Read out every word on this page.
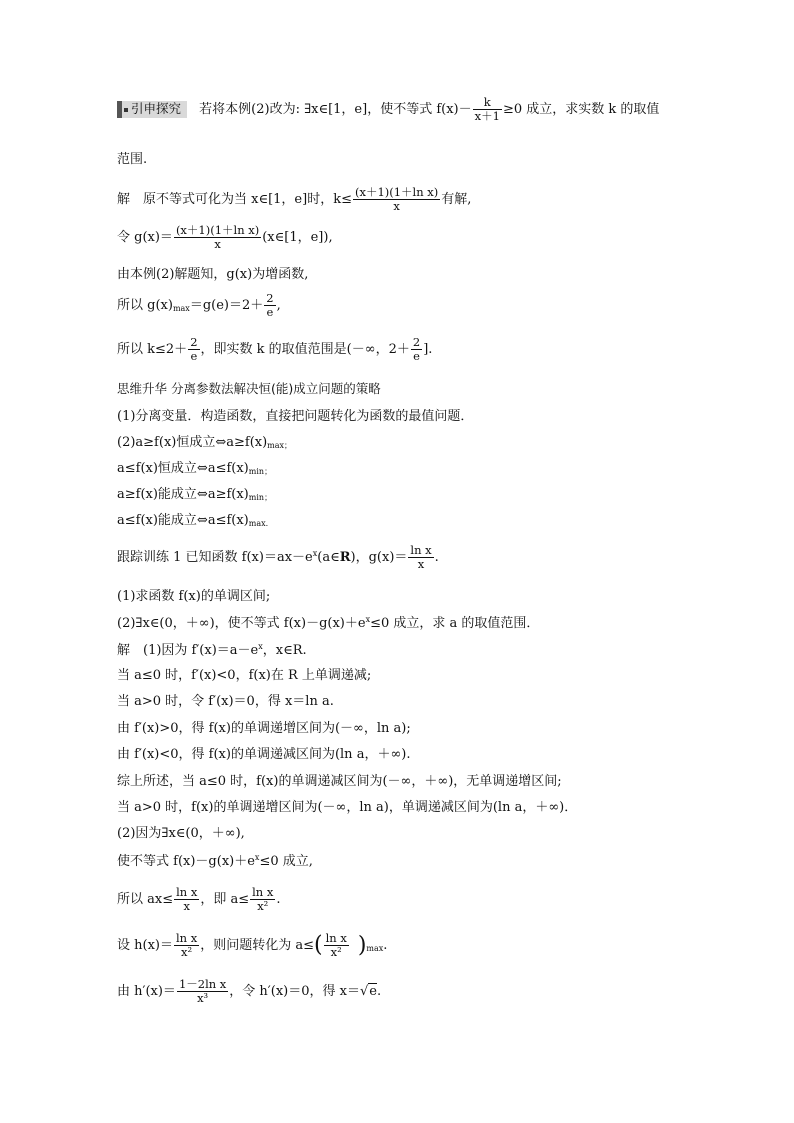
引申探究 若将本例(2)改为: ∃x∈[1，e]，使不等式 $f(x)- \frac{k}{x+1} \ge 0$ 成立，求实数 k 的取值
范围.
解　原不等式可化为当 x∈[1，e]时，$k\le \frac{\text{(x＋1)(1＋ln x)}}{x}$ 有解,
令 $g(x)= \frac{\text{(x＋1)(1＋ln x)}}{x}$ (x∈[1，e]),
由本例(2)解题知，g(x)为增函数,
所以 $g(x)_{max}=g(e)=2+ \frac{2}{e}$ ,
所以 $k\le 2+ \frac{2}{e}$ ，即实数 k 的取值范围是(－∞，$2+ \frac{2}{e}$ ].
思维升华 分离参数法解决恒(能)成立问题的策略
(1)分离变量．构造函数，直接把问题转化为函数的最值问题．
(2)a≥f(x)恒成立$\Leftrightarrow a\ge f(x)_{max;}$
a≤f(x)恒成立$\Leftrightarrow a\le f(x)_{min;}$
a≥f(x)能成立$\Leftrightarrow a\ge f(x)_{min;}$
a≤f(x)能成立$\Leftrightarrow a\le f(x)_{max.}$
跟踪训练 1 已知函数 $f(x)=ax-e^x(a\in R)$，$g(x)= \frac{\text{ln x}}{x}$ .
(1)求函数 f(x)的单调区间;
(2)∃x∈(0，＋∞)，使不等式 $f(x)-g(x)+e^x\le 0$ 成立，求 a 的取值范围．
解　(1)因为 $f'(x)=a-e^x$，x∈R.
当 a≤0 时，f′(x)<0，f(x)在 R 上单调递减;
当 a>0 时，令 f′(x)＝0，得 x＝ln a.
由 f′(x)>0，得 f(x)的单调递增区间为(－∞，ln a);
由 f′(x)<0，得 f(x)的单调递减区间为(ln a，＋∞).
综上所述，当 a≤0 时，f(x)的单调递减区间为(－∞，＋∞)，无单调递增区间;
当 a>0 时，f(x)的单调递增区间为(－∞，ln a)，单调递减区间为(ln a，＋∞)．
(2)因为∃x∈(0，＋∞),
使不等式 $f(x)-g(x)+e^x\le 0$ 成立,
所以 $ax\le \frac{\text{ln x}}{x}$ ，即 $a\le \frac{\text{ln x}}{\text{x²}}$ .
设 $h(x)= \frac{\text{ln x}}{\text{x²}}$ ，则问题转化为 $a\le( \frac{\text{ln x}}{\text{x²}} )_{max}$.
由 $h'(x)= \frac{\text{1－2ln x}}{\text{x³}}$ ，令 h′(x)＝0，得 x＝√e.
